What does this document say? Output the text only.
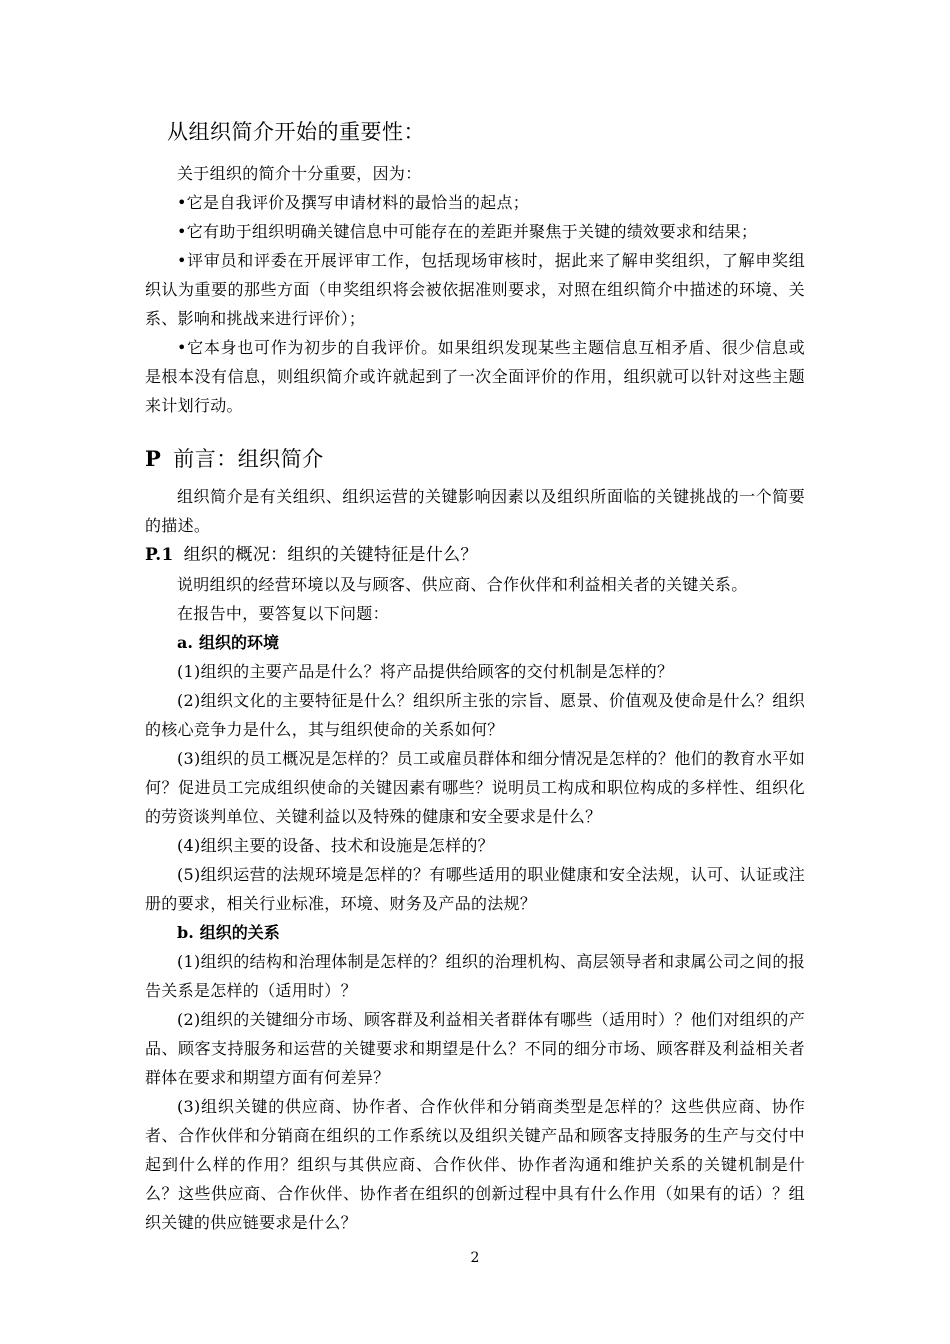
从组织简介开始的重要性：

关于组织的简介十分重要，因为：

•它是自我评价及撰写申请材料的最恰当的起点；

•它有助于组织明确关键信息中可能存在的差距并聚焦于关键的绩效要求和结果；

•评审员和评委在开展评审工作，包括现场审核时，据此来了解申奖组织，了解申奖组织认为重要的那些方面（申奖组织将会被依据准则要求，对照在组织简介中描述的环境、关系、影响和挑战来进行评价）；

•它本身也可作为初步的自我评价。如果组织发现某些主题信息互相矛盾、很少信息或是根本没有信息，则组织简介或许就起到了一次全面评价的作用，组织就可以针对这些主题来计划行动。

P 前言：组织简介

组织简介是有关组织、组织运营的关键影响因素以及组织所面临的关键挑战的一个简要的描述。

P.1 组织的概况：组织的关键特征是什么？

说明组织的经营环境以及与顾客、供应商、合作伙伴和利益相关者的关键关系。

在报告中，要答复以下问题：

a. 组织的环境

(1)组织的主要产品是什么？将产品提供给顾客的交付机制是怎样的？

(2)组织文化的主要特征是什么？组织所主张的宗旨、愿景、价值观及使命是什么？组织的核心竞争力是什么，其与组织使命的关系如何？

(3)组织的员工概况是怎样的？员工或雇员群体和细分情况是怎样的？他们的教育水平如何？促进员工完成组织使命的关键因素有哪些？说明员工构成和职位构成的多样性、组织化的劳资谈判单位、关键利益以及特殊的健康和安全要求是什么？

(4)组织主要的设备、技术和设施是怎样的？

(5)组织运营的法规环境是怎样的？有哪些适用的职业健康和安全法规，认可、认证或注册的要求，相关行业标准，环境、财务及产品的法规？

b. 组织的关系

(1)组织的结构和治理体制是怎样的？组织的治理机构、高层领导者和隶属公司之间的报告关系是怎样的（适用时）？

(2)组织的关键细分市场、顾客群及利益相关者群体有哪些（适用时）？他们对组织的产品、顾客支持服务和运营的关键要求和期望是什么？不同的细分市场、顾客群及利益相关者群体在要求和期望方面有何差异？

(3)组织关键的供应商、协作者、合作伙伴和分销商类型是怎样的？这些供应商、协作者、合作伙伴和分销商在组织的工作系统以及组织关键产品和顾客支持服务的生产与交付中起到什么样的作用？组织与其供应商、合作伙伴、协作者沟通和维护关系的关键机制是什么？这些供应商、合作伙伴、协作者在组织的创新过程中具有什么作用（如果有的话）？组织关键的供应链要求是什么？

2
